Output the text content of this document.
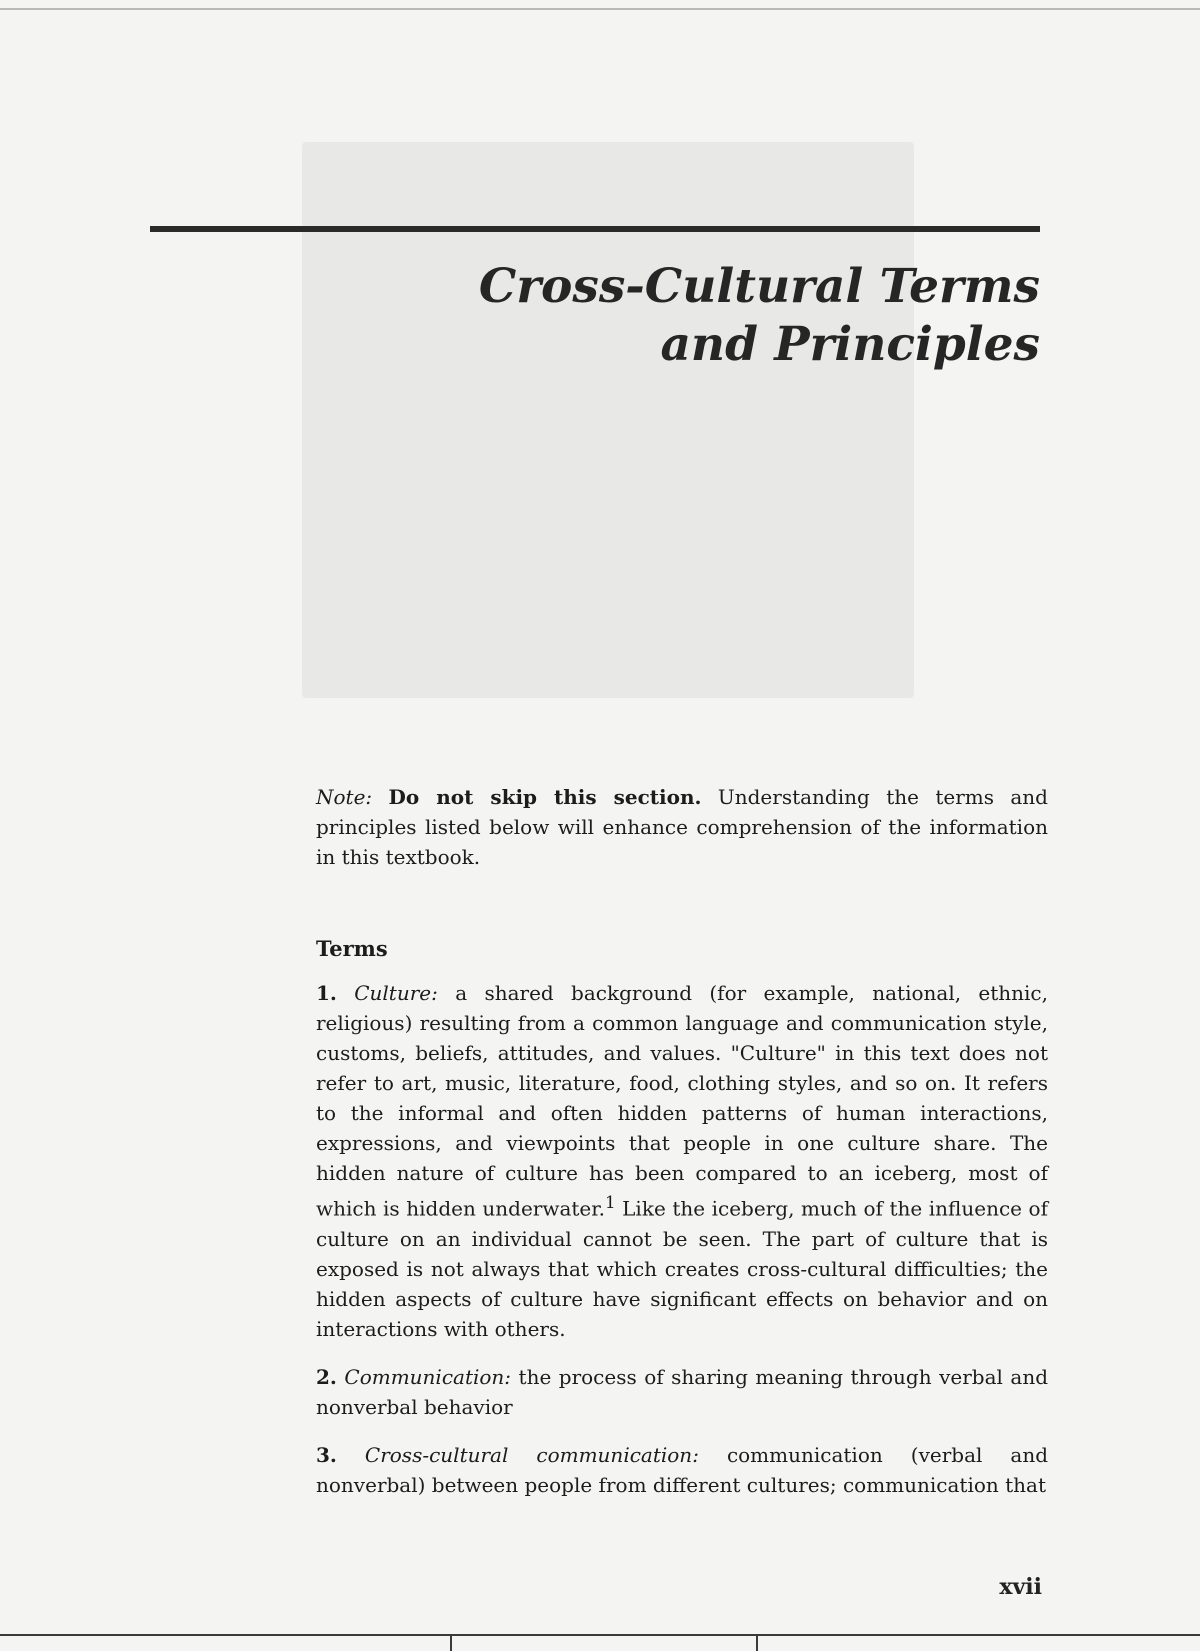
Cross-Cultural Terms
and Principles

Note: Do not skip this section. Understanding the terms and principles listed below will enhance comprehension of the information in this textbook.

Terms

1. Culture: a shared background (for example, national, ethnic, religious) resulting from a common language and communication style, customs, beliefs, attitudes, and values. "Culture" in this text does not refer to art, music, literature, food, clothing styles, and so on. It refers to the informal and often hidden patterns of human interactions, expressions, and viewpoints that people in one culture share. The hidden nature of culture has been compared to an iceberg, most of which is hidden underwater.$^1$ Like the iceberg, much of the influence of culture on an individual cannot be seen. The part of culture that is exposed is not always that which creates cross-cultural difficulties; the hidden aspects of culture have significant effects on behavior and on interactions with others.

2. Communication: the process of sharing meaning through verbal and nonverbal behavior

3. Cross-cultural communication: communication (verbal and nonverbal) between people from different cultures; communication that

xvii
